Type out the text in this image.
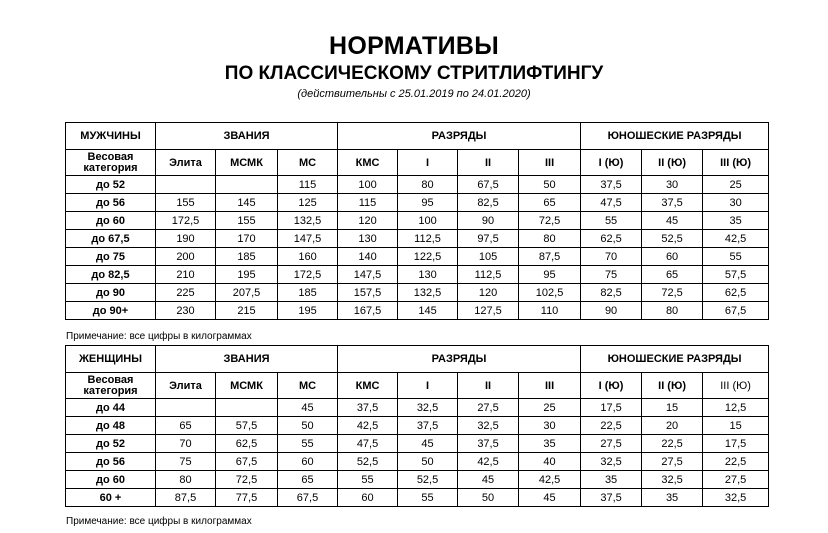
НОРМАТИВЫ
ПО КЛАССИЧЕСКОМУ СТРИТЛИФТИНГУ
(действительны с 25.01.2019 по 24.01.2020)
МУЖЧИНЫ	ЗВАНИЯ			РАЗРЯДЫ				ЮНОШЕСКИЕ РАЗРЯДЫ		
Весовая категория	Элита	МСМК	МС	КМС	I	II	III	I (Ю)	II (Ю)	III (Ю)
до 52			115	100	80	67,5	50	37,5	30	25
до 56	155	145	125	115	95	82,5	65	47,5	37,5	30
до 60	172,5	155	132,5	120	100	90	72,5	55	45	35
до 67,5	190	170	147,5	130	112,5	97,5	80	62,5	52,5	42,5
до 75	200	185	160	140	122,5	105	87,5	70	60	55
до 82,5	210	195	172,5	147,5	130	112,5	95	75	65	57,5
до 90	225	207,5	185	157,5	132,5	120	102,5	82,5	72,5	62,5
до 90+	230	215	195	167,5	145	127,5	110	90	80	67,5
Примечание: все цифры в килограммах
ЖЕНЩИНЫ	ЗВАНИЯ			РАЗРЯДЫ				ЮНОШЕСКИЕ РАЗРЯДЫ		
Весовая категория	Элита	МСМК	МС	КМС	I	II	III	I (Ю)	II (Ю)	III (Ю)
до 44			45	37,5	32,5	27,5	25	17,5	15	12,5
до 48	65	57,5	50	42,5	37,5	32,5	30	22,5	20	15
до 52	70	62,5	55	47,5	45	37,5	35	27,5	22,5	17,5
до 56	75	67,5	60	52,5	50	42,5	40	32,5	27,5	22,5
до 60	80	72,5	65	55	52,5	45	42,5	35	32,5	27,5
60 +	87,5	77,5	67,5	60	55	50	45	37,5	35	32,5
Примечание: все цифры в килограммах
